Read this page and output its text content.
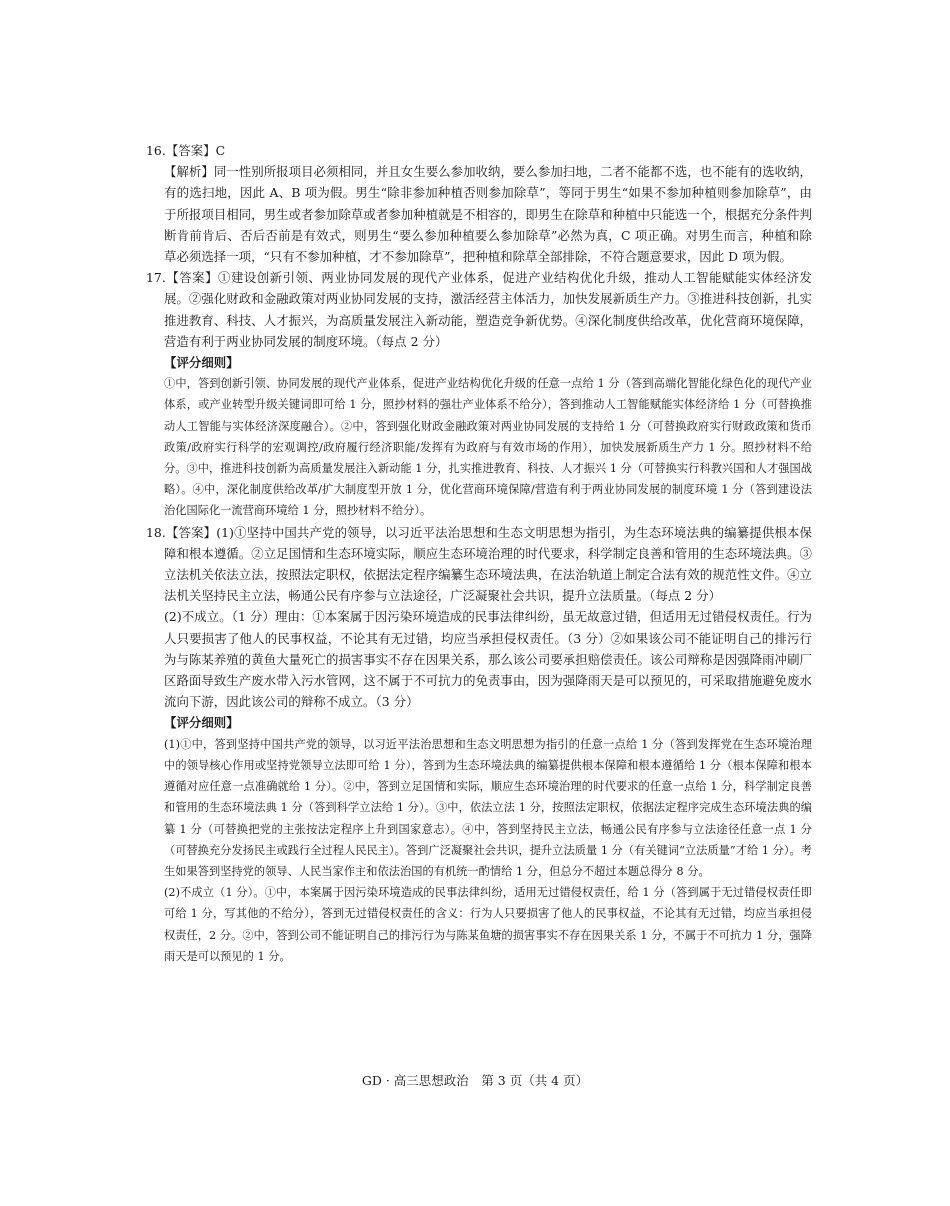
16.【答案】C

【解析】同一性别所报项目必须相同，并且女生要么参加收纳，要么参加扫地，二者不能都不选，也不能有的选收纳，有的选扫地，因此 A、B 项为假。男生“除非参加种植否则参加除草”，等同于男生“如果不参加种植则参加除草”，由于所报项目相同，男生或者参加除草或者参加种植就是不相容的，即男生在除草和种植中只能选一个，根据充分条件判断肯前肯后、否后否前是有效式，则男生“要么参加种植要么参加除草”必然为真，C 项正确。对男生而言，种植和除草必须选择一项，“只有不参加种植，才不参加除草”，把种植和除草全部排除，不符合题意要求，因此 D 项为假。

17.【答案】①建设创新引领、两业协同发展的现代产业体系，促进产业结构优化升级，推动人工智能赋能实体经济发展。②强化财政和金融政策对两业协同发展的支持，激活经营主体活力，加快发展新质生产力。③推进科技创新，扎实推进教育、科技、人才振兴，为高质量发展注入新动能，塑造竞争新优势。④深化制度供给改革，优化营商环境保障，营造有利于两业协同发展的制度环境。（每点 2 分）

【评分细则】

①中，答到创新引领、协同发展的现代产业体系，促进产业结构优化升级的任意一点给 1 分（答到高端化智能化绿色化的现代产业体系，或产业转型升级关键词即可给 1 分，照抄材料的强壮产业体系不给分），答到推动人工智能赋能实体经济给 1 分（可替换推动人工智能与实体经济深度融合）。②中，答到强化财政金融政策对两业协同发展的支持给 1 分（可替换政府实行财政政策和货币政策/政府实行科学的宏观调控/政府履行经济职能/发挥有为政府与有效市场的作用），加快发展新质生产力 1 分。照抄材料不给分。③中，推进科技创新为高质量发展注入新动能 1 分，扎实推进教育、科技、人才振兴 1 分（可替换实行科教兴国和人才强国战略）。④中，深化制度供给改革/扩大制度型开放 1 分，优化营商环境保障/营造有利于两业协同发展的制度环境 1 分（答到建设法治化国际化一流营商环境给 1 分，照抄材料不给分）。

18.【答案】(1)①坚持中国共产党的领导，以习近平法治思想和生态文明思想为指引，为生态环境法典的编纂提供根本保障和根本遵循。②立足国情和生态环境实际，顺应生态环境治理的时代要求，科学制定良善和管用的生态环境法典。③立法机关依法立法，按照法定职权，依据法定程序编纂生态环境法典，在法治轨道上制定合法有效的规范性文件。④立法机关坚持民主立法，畅通公民有序参与立法途径，广泛凝聚社会共识，提升立法质量。（每点 2 分）

(2)不成立。（1 分）理由：①本案属于因污染环境造成的民事法律纠纷，虽无故意过错，但适用无过错侵权责任。行为人只要损害了他人的民事权益，不论其有无过错，均应当承担侵权责任。（3 分）②如果该公司不能证明自己的排污行为与陈某养殖的黄鱼大量死亡的损害事实不存在因果关系，那么该公司要承担赔偿责任。该公司辩称是因强降雨冲刷厂区路面导致生产废水带入污水管网，这不属于不可抗力的免责事由，因为强降雨天是可以预见的，可采取措施避免废水流向下游，因此该公司的辩称不成立。（3 分）

【评分细则】

(1)①中，答到坚持中国共产党的领导，以习近平法治思想和生态文明思想为指引的任意一点给 1 分（答到发挥党在生态环境治理中的领导核心作用或坚持党领导立法即可给 1 分），答到为生态环境法典的编纂提供根本保障和根本遵循给 1 分（根本保障和根本遵循对应任意一点准确就给 1 分）。②中，答到立足国情和实际，顺应生态环境治理的时代要求的任意一点给 1 分，科学制定良善和管用的生态环境法典 1 分（答到科学立法给 1 分）。③中，依法立法 1 分，按照法定职权，依据法定程序完成生态环境法典的编纂 1 分（可替换把党的主张按法定程序上升到国家意志）。④中，答到坚持民主立法，畅通公民有序参与立法途径任意一点 1 分（可替换充分发扬民主或践行全过程人民民主）。答到广泛凝聚社会共识，提升立法质量 1 分（有关键词“立法质量”才给 1 分）。考生如果答到坚持党的领导、人民当家作主和依法治国的有机统一酌情给 1 分，但总分不超过本题总得分 8 分。

(2)不成立（1 分）。①中，本案属于因污染环境造成的民事法律纠纷，适用无过错侵权责任，给 1 分（答到属于无过错侵权责任即可给 1 分，写其他的不给分），答到无过错侵权责任的含义：行为人只要损害了他人的民事权益，不论其有无过错，均应当承担侵权责任，2 分。②中，答到公司不能证明自己的排污行为与陈某鱼塘的损害事实不存在因果关系 1 分，不属于不可抗力 1 分，强降雨天是可以预见的 1 分。

GD · 高三思想政治　第 3 页（共 4 页）
